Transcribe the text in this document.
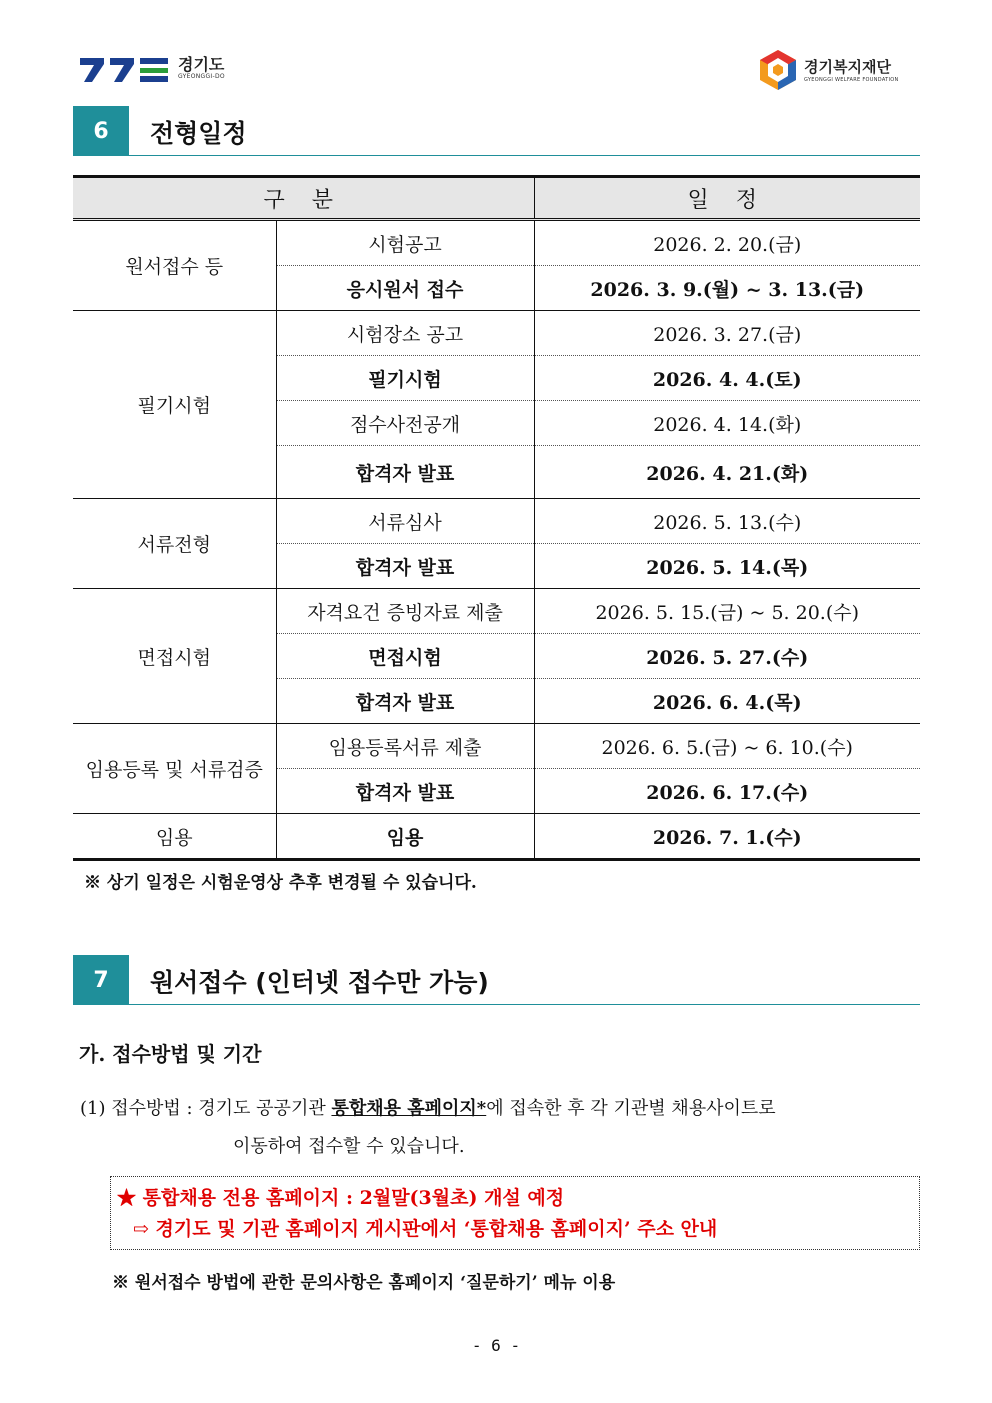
경기도
GYEONGGI-DO
경기복지재단
GYEONGGI WELFARE FOUNDATION
6	전형일정
구 분		일 정
원서접수 등	시험공고	2026. 2. 20.(금)
	응시원서 접수	2026. 3. 9.(월) ~ 3. 13.(금)
필기시험	시험장소 공고	2026. 3. 27.(금)
	필기시험	2026. 4. 4.(토)
	점수사전공개	2026. 4. 14.(화)
	합격자 발표	2026. 4. 21.(화)
서류전형	서류심사	2026. 5. 13.(수)
	합격자 발표	2026. 5. 14.(목)
면접시험	자격요건 증빙자료 제출	2026. 5. 15.(금) ~ 5. 20.(수)
	면접시험	2026. 5. 27.(수)
	합격자 발표	2026. 6. 4.(목)
임용등록 및 서류검증	임용등록서류 제출	2026. 6. 5.(금) ~ 6. 10.(수)
	합격자 발표	2026. 6. 17.(수)
임용	임용	2026. 7. 1.(수)
※ 상기 일정은 시험운영상 추후 변경될 수 있습니다.
7	원서접수 (인터넷 접수만 가능)
가. 접수방법 및 기간
(1) 접수방법 : 경기도 공공기관 통합채용 홈페이지*에 접속한 후 각 기관별 채용사이트로
이동하여 접수할 수 있습니다.
★ 통합채용 전용 홈페이지 : 2월말(3월초) 개설 예정
⇨ 경기도 및 기관 홈페이지 게시판에서 ‘통합채용 홈페이지’ 주소 안내
※ 원서접수 방법에 관한 문의사항은 홈페이지 ‘질문하기’ 메뉴 이용
- 6 -
